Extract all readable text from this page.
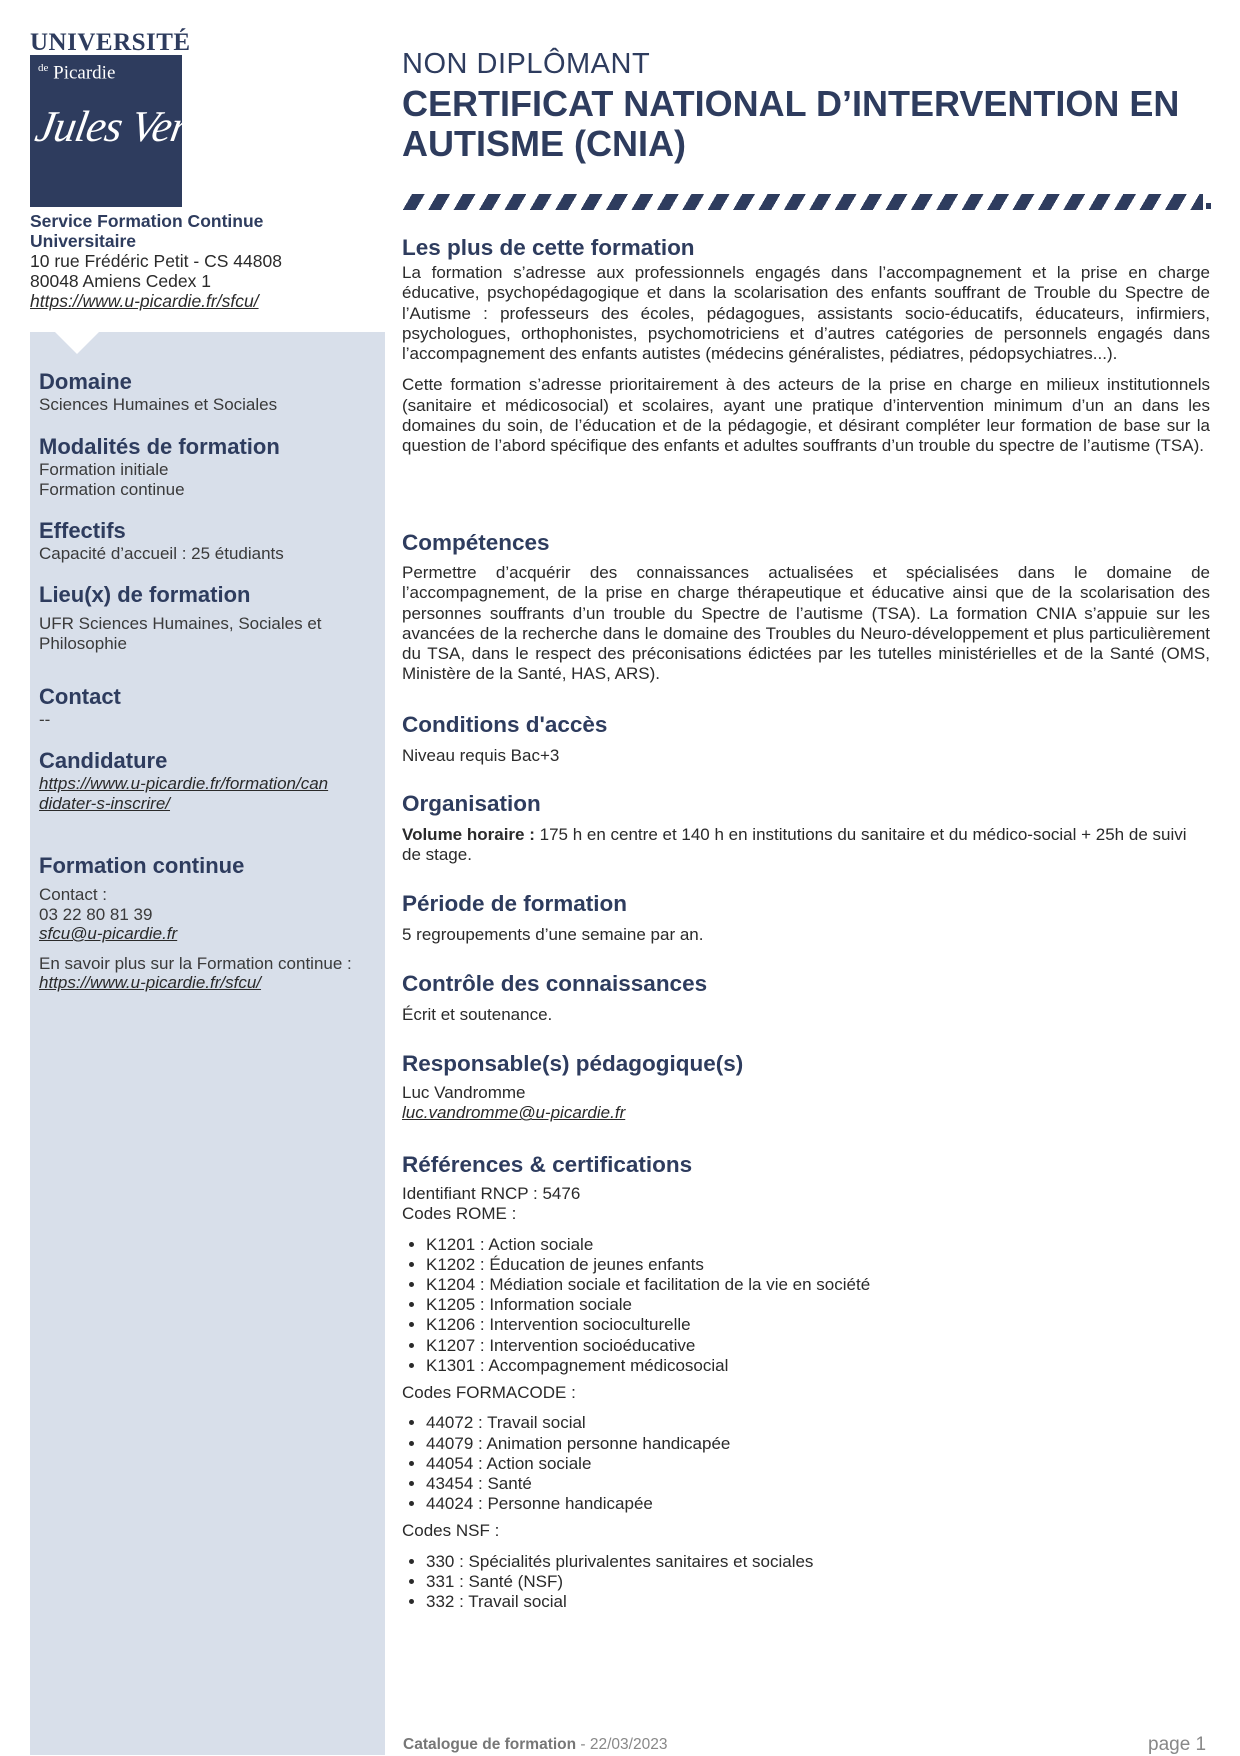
UNIVERSITÉ
$^{de}$ Picardie
Jules Verne
Service Formation Continue Universitaire
10 rue Frédéric Petit - CS 44808
80048 Amiens Cedex 1
https://www.u-picardie.fr/sfcu/
Domaine
Sciences Humaines et Sociales
Modalités de formation
Formation initiale
Formation continue
Effectifs
Capacité d’accueil : 25 étudiants
Lieu(x) de formation
UFR Sciences Humaines, Sociales et Philosophie
Contact
--
Candidature
https://www.u-picardie.fr/formation/candidater-s-inscrire/
Formation continue
Contact :
03 22 80 81 39
sfcu@u-picardie.fr
En savoir plus sur la Formation continue : https://www.u-picardie.fr/sfcu/
NON DIPLÔMANT
CERTIFICAT NATIONAL D’INTERVENTION EN AUTISME (CNIA)
Les plus de cette formation

La formation s’adresse aux professionnels engagés dans l’accompagnement et la prise en charge éducative, psychopédagogique et dans la scolarisation des enfants souffrant de Trouble du Spectre de l’Autisme : professeurs des écoles, pédagogues, assistants socio-éducatifs, éducateurs, infirmiers, psychologues, orthophonistes, psychomotriciens et d’autres catégories de personnels engagés dans l’accompagnement des enfants autistes (médecins généralistes, pédiatres, pédopsychiatres...).

Cette formation s’adresse prioritairement à des acteurs de la prise en charge en milieux institutionnels (sanitaire et médicosocial) et scolaires, ayant une pratique d’intervention minimum d’un an dans les domaines du soin, de l’éducation et de la pédagogie, et désirant compléter leur formation de base sur la question de l’abord spécifique des enfants et adultes souffrants d’un trouble du spectre de l’autisme (TSA).

Compétences

Permettre d’acquérir des connaissances actualisées et spécialisées dans le domaine de l’accompagnement, de la prise en charge thérapeutique et éducative ainsi que de la scolarisation des personnes souffrants d’un trouble du Spectre de l’autisme (TSA). La formation CNIA s’appuie sur les avancées de la recherche dans le domaine des Troubles du Neuro-développement et plus particulièrement du TSA, dans le respect des préconisations édictées par les tutelles ministérielles et de la Santé (OMS, Ministère de la Santé, HAS, ARS).

Conditions d'accès
Niveau requis Bac+3
Organisation

Volume horaire : 175 h en centre et 140 h en institutions du sanitaire et du médico-social + 25h de suivi de stage.

Période de formation
5 regroupements d’une semaine par an.
Contrôle des connaissances
Écrit et soutenance.
Responsable(s) pédagogique(s)
Luc Vandromme
luc.vandromme@u-picardie.fr
Références & certifications
Identifiant RNCP : 5476
Codes ROME :
• K1201 : Action sociale
• K1202 : Éducation de jeunes enfants
• K1204 : Médiation sociale et facilitation de la vie en société
• K1205 : Information sociale
• K1206 : Intervention socioculturelle
• K1207 : Intervention socioéducative
• K1301 : Accompagnement médicosocial
Codes FORMACODE :
• 44072 : Travail social
• 44079 : Animation personne handicapée
• 44054 : Action sociale
• 43454 : Santé
• 44024 : Personne handicapée
Codes NSF :
• 330 : Spécialités plurivalentes sanitaires et sociales
• 331 : Santé (NSF)
• 332 : Travail social
Catalogue de formation - 22/03/2023	page 1
